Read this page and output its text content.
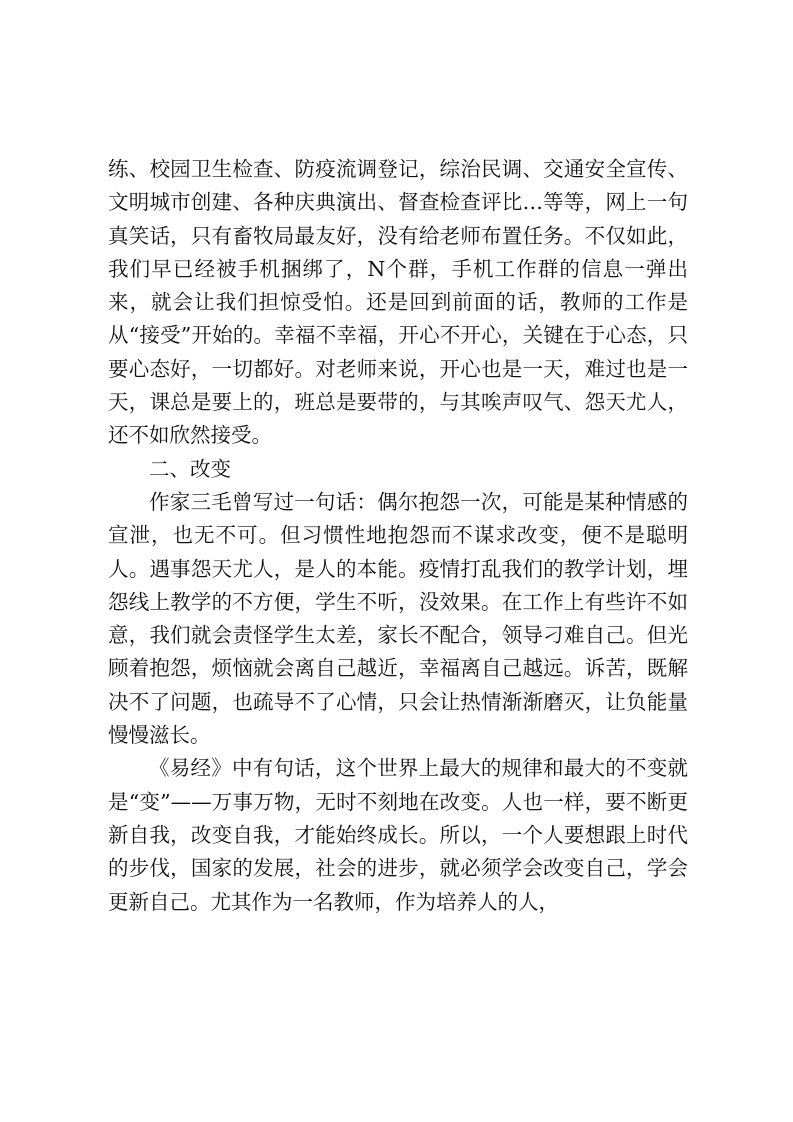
练、校园卫生检查、防疫流调登记，综治民调、交通安全宣传、文明城市创建、各种庆典演出、督查检查评比…等等，网上一句真笑话，只有畜牧局最友好，没有给老师布置任务。不仅如此，我们早已经被手机捆绑了，N个群，手机工作群的信息一弹出来，就会让我们担惊受怕。还是回到前面的话，教师的工作是从“接受”开始的。幸福不幸福，开心不开心，关键在于心态，只要心态好，一切都好。对老师来说，开心也是一天，难过也是一天，课总是要上的，班总是要带的，与其唉声叹气、怨天尤人，还不如欣然接受。

二、改变

作家三毛曾写过一句话：偶尔抱怨一次，可能是某种情感的宣泄，也无不可。但习惯性地抱怨而不谋求改变，便不是聪明人。遇事怨天尤人，是人的本能。疫情打乱我们的教学计划，埋怨线上教学的不方便，学生不听，没效果。在工作上有些许不如意，我们就会责怪学生太差，家长不配合，领导刁难自己。但光顾着抱怨，烦恼就会离自己越近，幸福离自己越远。诉苦，既解决不了问题，也疏导不了心情，只会让热情渐渐磨灭，让负能量慢慢滋长。

《易经》中有句话，这个世界上最大的规律和最大的不变就是“变”——万事万物，无时不刻地在改变。人也一样，要不断更新自我，改变自我，才能始终成长。所以，一个人要想跟上时代的步伐，国家的发展，社会的进步，就必须学会改变自己，学会更新自己。尤其作为一名教师，作为培养人的人，
